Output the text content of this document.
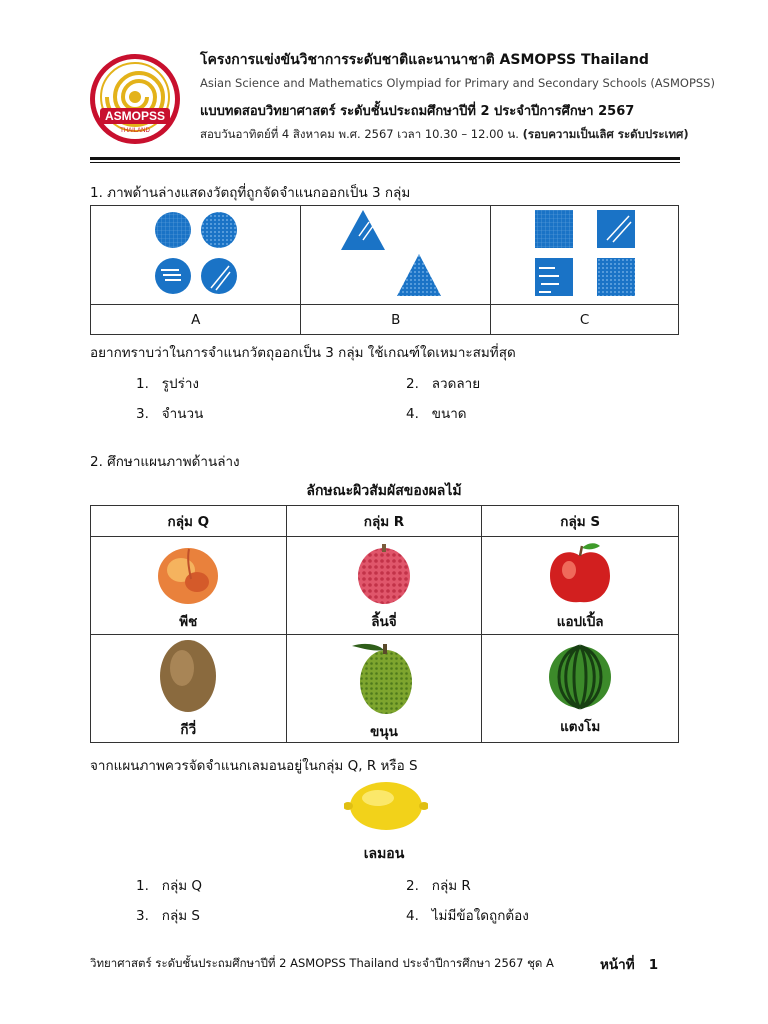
ASMOPSS
THAILAND
โครงการแข่งขันวิชาการระดับชาติและนานาชาติ ASMOPSS Thailand
Asian Science and Mathematics Olympiad for Primary and Secondary Schools (ASMOPSS)
แบบทดสอบวิทยาศาสตร์ ระดับชั้นประถมศึกษาปีที่ 2 ประจำปีการศึกษา 2567
สอบวันอาทิตย์ที่ 4 สิงหาคม พ.ศ. 2567 เวลา 10.30 – 12.00 น. (รอบความเป็นเลิศ ระดับประเทศ)
1. ภาพด้านล่างแสดงวัตถุที่ถูกจัดจำแนกออกเป็น 3 กลุ่ม

A	B	C
อยากทราบว่าในการจำแนกวัตถุออกเป็น 3 กลุ่ม ใช้เกณฑ์ใดเหมาะสมที่สุด
1. รูปร่าง	2. ลวดลาย
3. จำนวน	4. ขนาด
2. ศึกษาแผนภาพด้านล่าง
ลักษณะผิวสัมผัสของผลไม้
กลุ่ม Q	กลุ่ม R	กลุ่ม S

พีช	ลิ้นจี่	แอปเปิ้ล

กีวี่	ขนุน	แตงโม
จากแผนภาพควรจัดจำแนกเลมอนอยู่ในกลุ่ม Q, R หรือ S
เลมอน
1. กลุ่ม Q	2. กลุ่ม R
3. กลุ่ม S	4. ไม่มีข้อใดถูกต้อง
วิทยาศาสตร์ ระดับชั้นประถมศึกษาปีที่ 2 ASMOPSS Thailand ประจำปีการศึกษา 2567 ชุด A	หน้าที่ 1
